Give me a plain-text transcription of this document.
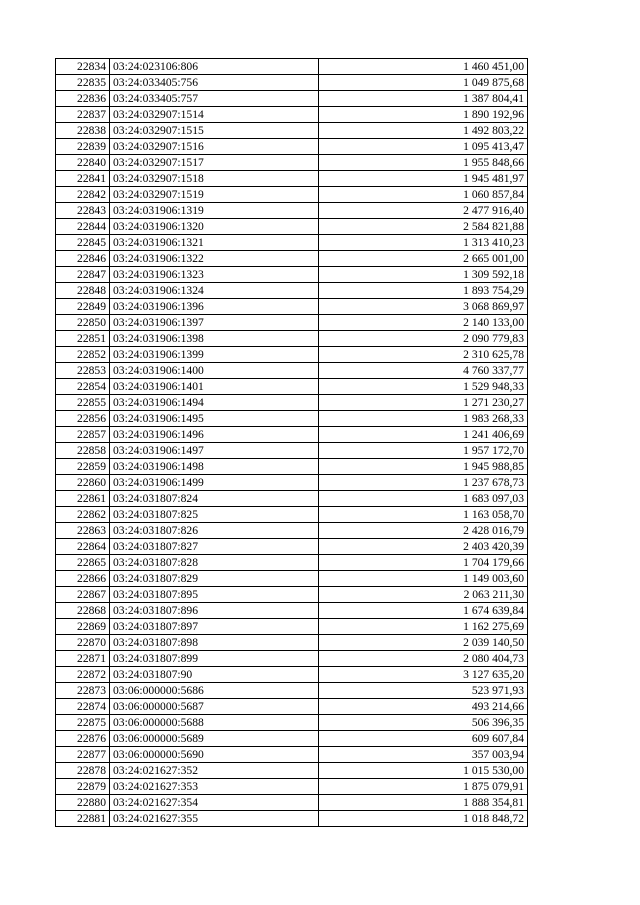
22834	03:24:023106:806	1 460 451,00
22835	03:24:033405:756	1 049 875,68
22836	03:24:033405:757	1 387 804,41
22837	03:24:032907:1514	1 890 192,96
22838	03:24:032907:1515	1 492 803,22
22839	03:24:032907:1516	1 095 413,47
22840	03:24:032907:1517	1 955 848,66
22841	03:24:032907:1518	1 945 481,97
22842	03:24:032907:1519	1 060 857,84
22843	03:24:031906:1319	2 477 916,40
22844	03:24:031906:1320	2 584 821,88
22845	03:24:031906:1321	1 313 410,23
22846	03:24:031906:1322	2 665 001,00
22847	03:24:031906:1323	1 309 592,18
22848	03:24:031906:1324	1 893 754,29
22849	03:24:031906:1396	3 068 869,97
22850	03:24:031906:1397	2 140 133,00
22851	03:24:031906:1398	2 090 779,83
22852	03:24:031906:1399	2 310 625,78
22853	03:24:031906:1400	4 760 337,77
22854	03:24:031906:1401	1 529 948,33
22855	03:24:031906:1494	1 271 230,27
22856	03:24:031906:1495	1 983 268,33
22857	03:24:031906:1496	1 241 406,69
22858	03:24:031906:1497	1 957 172,70
22859	03:24:031906:1498	1 945 988,85
22860	03:24:031906:1499	1 237 678,73
22861	03:24:031807:824	1 683 097,03
22862	03:24:031807:825	1 163 058,70
22863	03:24:031807:826	2 428 016,79
22864	03:24:031807:827	2 403 420,39
22865	03:24:031807:828	1 704 179,66
22866	03:24:031807:829	1 149 003,60
22867	03:24:031807:895	2 063 211,30
22868	03:24:031807:896	1 674 639,84
22869	03:24:031807:897	1 162 275,69
22870	03:24:031807:898	2 039 140,50
22871	03:24:031807:899	2 080 404,73
22872	03:24:031807:90	3 127 635,20
22873	03:06:000000:5686	523 971,93
22874	03:06:000000:5687	493 214,66
22875	03:06:000000:5688	506 396,35
22876	03:06:000000:5689	609 607,84
22877	03:06:000000:5690	357 003,94
22878	03:24:021627:352	1 015 530,00
22879	03:24:021627:353	1 875 079,91
22880	03:24:021627:354	1 888 354,81
22881	03:24:021627:355	1 018 848,72
